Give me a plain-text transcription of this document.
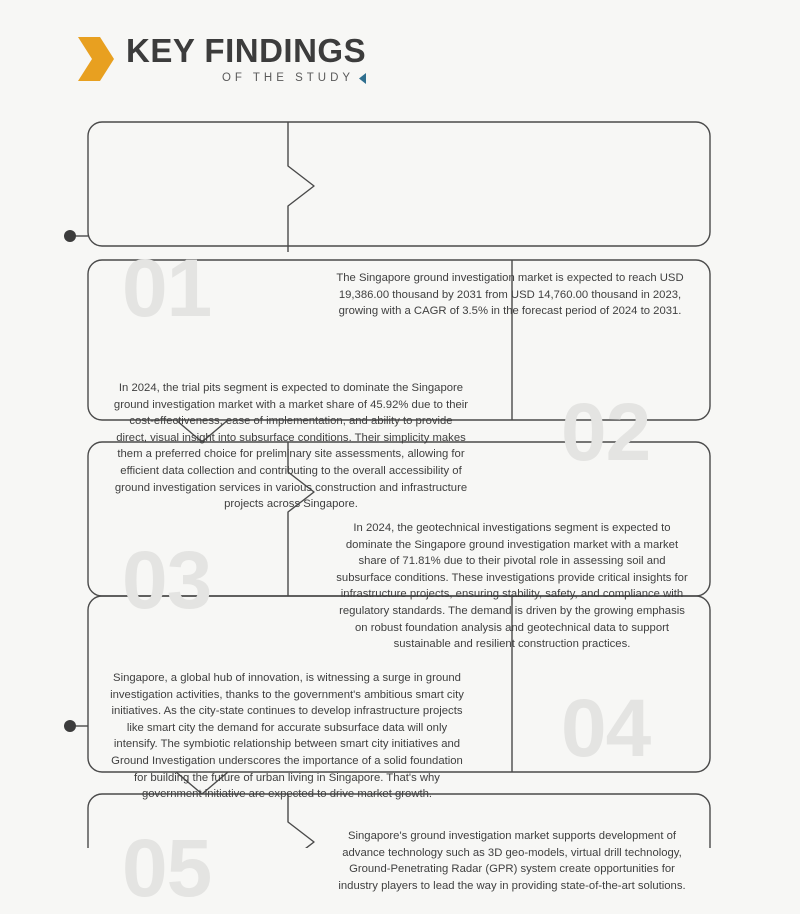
KEY FINDINGS
OF THE STUDY
01
02
03
04
05
The Singapore ground investigation market is expected to reach USD 19,386.00 thousand by 2031 from USD 14,760.00 thousand in 2023, growing with a CAGR of 3.5% in the forecast period of 2024 to 2031.
In 2024, the trial pits segment is expected to dominate the Singapore ground investigation market with a market share of 45.92% due to their cost-effectiveness, ease of implementation, and ability to provide direct, visual insight into subsurface conditions. Their simplicity makes them a preferred choice for preliminary site assessments, allowing for efficient data collection and contributing to the overall accessibility of ground investigation services in various construction and infrastructure projects across Singapore.
In 2024, the geotechnical investigations segment is expected to dominate the Singapore ground investigation market with a market share of 71.81% due to their pivotal role in assessing soil and subsurface conditions. These investigations provide critical insights for infrastructure projects, ensuring stability, safety, and compliance with regulatory standards. The demand is driven by the growing emphasis on robust foundation analysis and geotechnical data to support sustainable and resilient construction practices.
Singapore, a global hub of innovation, is witnessing a surge in ground investigation activities, thanks to the government's ambitious smart city initiatives. As the city-state continues to develop infrastructure projects like smart city the demand for accurate subsurface data will only intensify. The symbiotic relationship between smart city initiatives and Ground Investigation underscores the importance of a solid foundation for building the future of urban living in Singapore. That's why government initiative are expected to drive market growth.
Singapore's ground investigation market supports development of advance technology such as 3D geo-models, virtual drill technology, Ground-Penetrating Radar (GPR) system create opportunities for industry players to lead the way in providing state-of-the-art solutions.
